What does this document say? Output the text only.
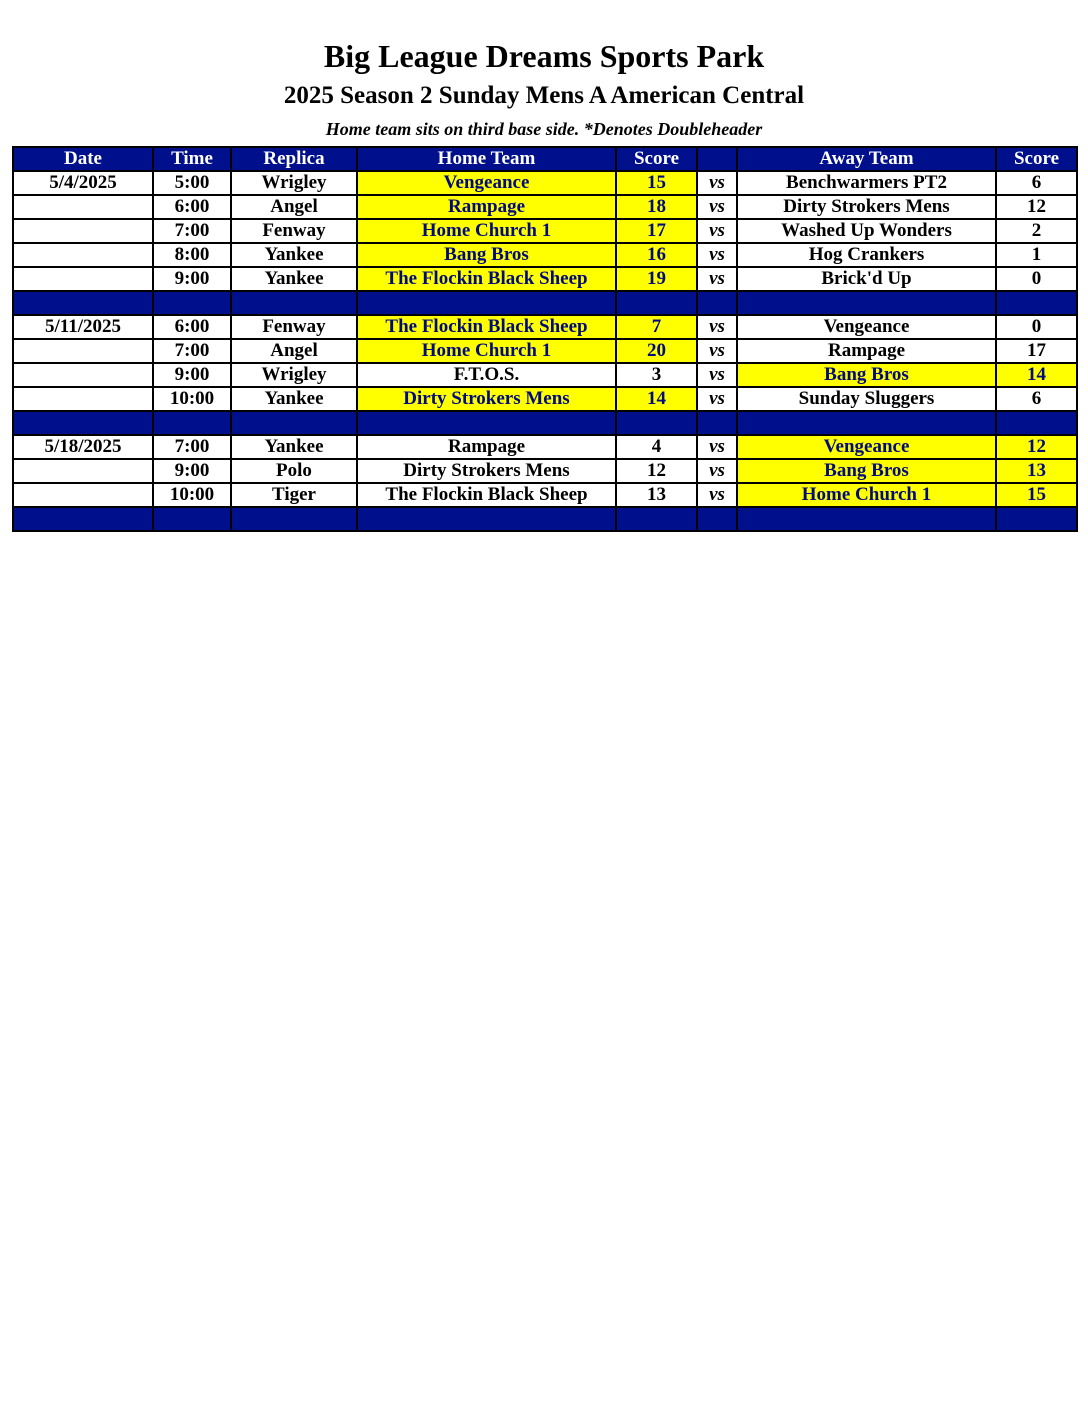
Big League Dreams Sports Park
2025 Season 2 Sunday Mens A American Central
Home team sits on third base side. *Denotes Doubleheader
Date	Time	Replica	Home Team	Score		Away Team	Score
5/4/2025	5:00	Wrigley	Vengeance	15	vs	Benchwarmers PT2	6
	6:00	Angel	Rampage	18	vs	Dirty Strokers Mens	12
	7:00	Fenway	Home Church 1	17	vs	Washed Up Wonders	2
	8:00	Yankee	Bang Bros	16	vs	Hog Crankers	1
	9:00	Yankee	The Flockin Black Sheep	19	vs	Brick'd Up	0

5/11/2025	6:00	Fenway	The Flockin Black Sheep	7	vs	Vengeance	0
	7:00	Angel	Home Church 1	20	vs	Rampage	17
	9:00	Wrigley	F.T.O.S.	3	vs	Bang Bros	14
	10:00	Yankee	Dirty Strokers Mens	14	vs	Sunday Sluggers	6

5/18/2025	7:00	Yankee	Rampage	4	vs	Vengeance	12
	9:00	Polo	Dirty Strokers Mens	12	vs	Bang Bros	13
	10:00	Tiger	The Flockin Black Sheep	13	vs	Home Church 1	15
